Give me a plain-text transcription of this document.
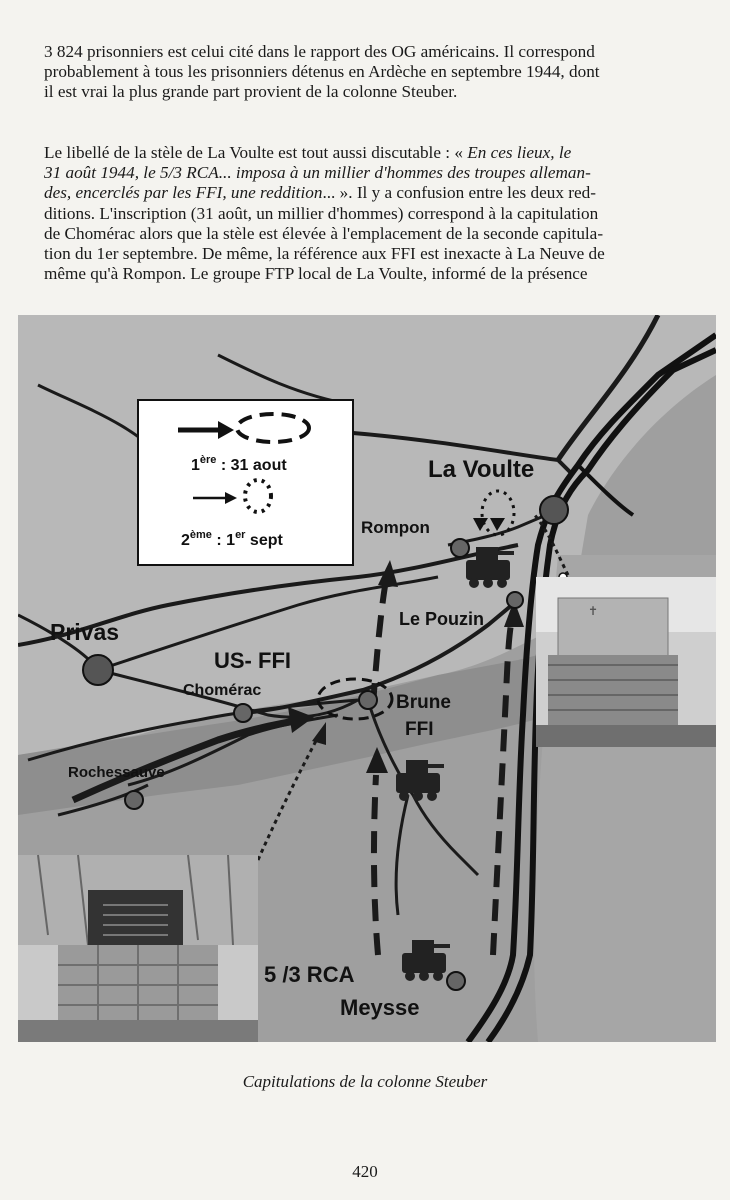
3 824 prisonniers est celui cité dans le rapport des OG américains. Il correspond
probablement à tous les prisonniers détenus en Ardèche en septembre 1944, dont
il est vrai la plus grande part provient de la colonne Steuber.
Le libellé de la stèle de La Voulte est tout aussi discutable : « En ces lieux, le
31 août 1944, le 5/3 RCA... imposa à un millier d'hommes des troupes alleman-
des, encerclés par les FFI, une reddition... ». Il y a confusion entre les deux red-
ditions. L'inscription (31 août, un millier d'hommes) correspond à la capitulation
de Chomérac alors que la stèle est élevée à l'emplacement de la seconde capitula-
tion du 1er septembre. De même, la référence aux FFI est inexacte à La Neuve de
même qu'à Rompon. Le groupe FTP local de La Voulte, informé de la présence
✝
1ère : 31 aout
2ème : 1er sept
La Voulte
Rompon
Le Pouzin
Privas
US- FFI
Chomérac
Brune
FFI
Rochessauve
5 /3 RCA
Meysse
Capitulations de la colonne Steuber
420
